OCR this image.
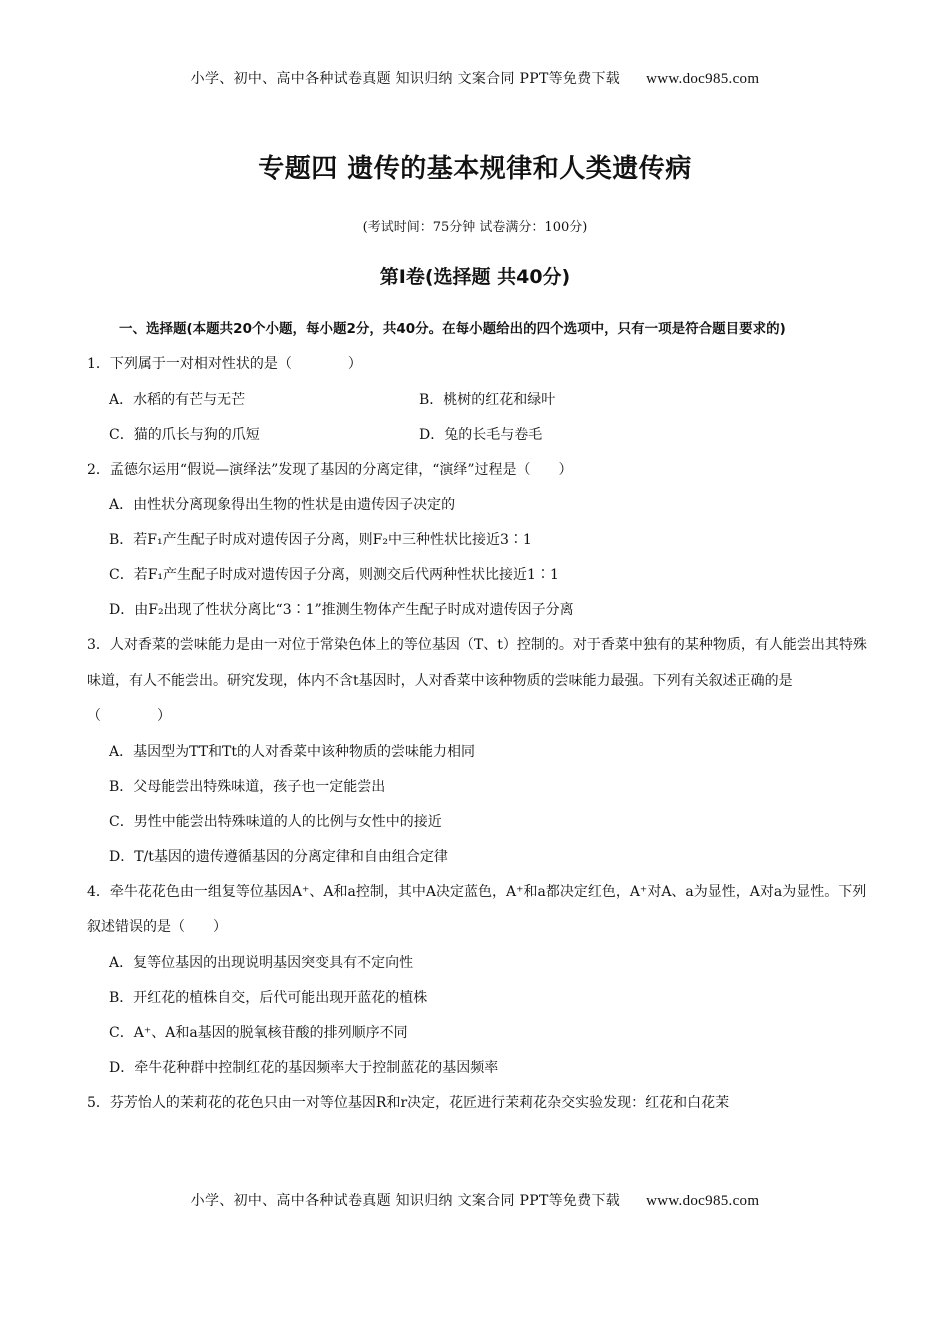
小学、初中、高中各种试卷真题 知识归纳 文案合同 PPT等免费下载 www.doc985.com
专题四 遗传的基本规律和人类遗传病
(考试时间：75分钟 试卷满分：100分)
第Ⅰ卷(选择题 共40分)
一、选择题(本题共20个小题，每小题2分，共40分。在每小题给出的四个选项中，只有一项是符合题目要求的)
1．下列属于一对相对性状的是（　　　　）
A．水稻的有芒与无芒	B．桃树的红花和绿叶
C．猫的爪长与狗的爪短	D．兔的长毛与卷毛
2．孟德尔运用“假说—演绎法”发现了基因的分离定律，“演绎”过程是（　　）
A．由性状分离现象得出生物的性状是由遗传因子决定的
B．若F₁产生配子时成对遗传因子分离，则F₂中三种性状比接近3∶1
C．若F₁产生配子时成对遗传因子分离，则测交后代两种性状比接近1∶1
D．由F₂出现了性状分离比“3∶1”推测生物体产生配子时成对遗传因子分离
3．人对香菜的尝味能力是由一对位于常染色体上的等位基因（T、t）控制的。对于香菜中独有的某种物质，有人能尝出其特殊味道，有人不能尝出。研究发现，体内不含t基因时，人对香菜中该种物质的尝味能力最强。下列有关叙述正确的是（　　　　）
A．基因型为TT和Tt的人对香菜中该种物质的尝味能力相同
B．父母能尝出特殊味道，孩子也一定能尝出
C．男性中能尝出特殊味道的人的比例与女性中的接近
D．T/t基因的遗传遵循基因的分离定律和自由组合定律
4．牵牛花花色由一组复等位基因A⁺、A和a控制，其中A决定蓝色，A⁺和a都决定红色，A⁺对A、a为显性，A对a为显性。下列叙述错误的是（　　）
A．复等位基因的出现说明基因突变具有不定向性
B．开红花的植株自交，后代可能出现开蓝花的植株
C．A⁺、A和a基因的脱氧核苷酸的排列顺序不同
D．牵牛花种群中控制红花的基因频率大于控制蓝花的基因频率
5．芬芳怡人的茉莉花的花色只由一对等位基因R和r决定，花匠进行茉莉花杂交实验发现：红花和白花茉
小学、初中、高中各种试卷真题 知识归纳 文案合同 PPT等免费下载 www.doc985.com
